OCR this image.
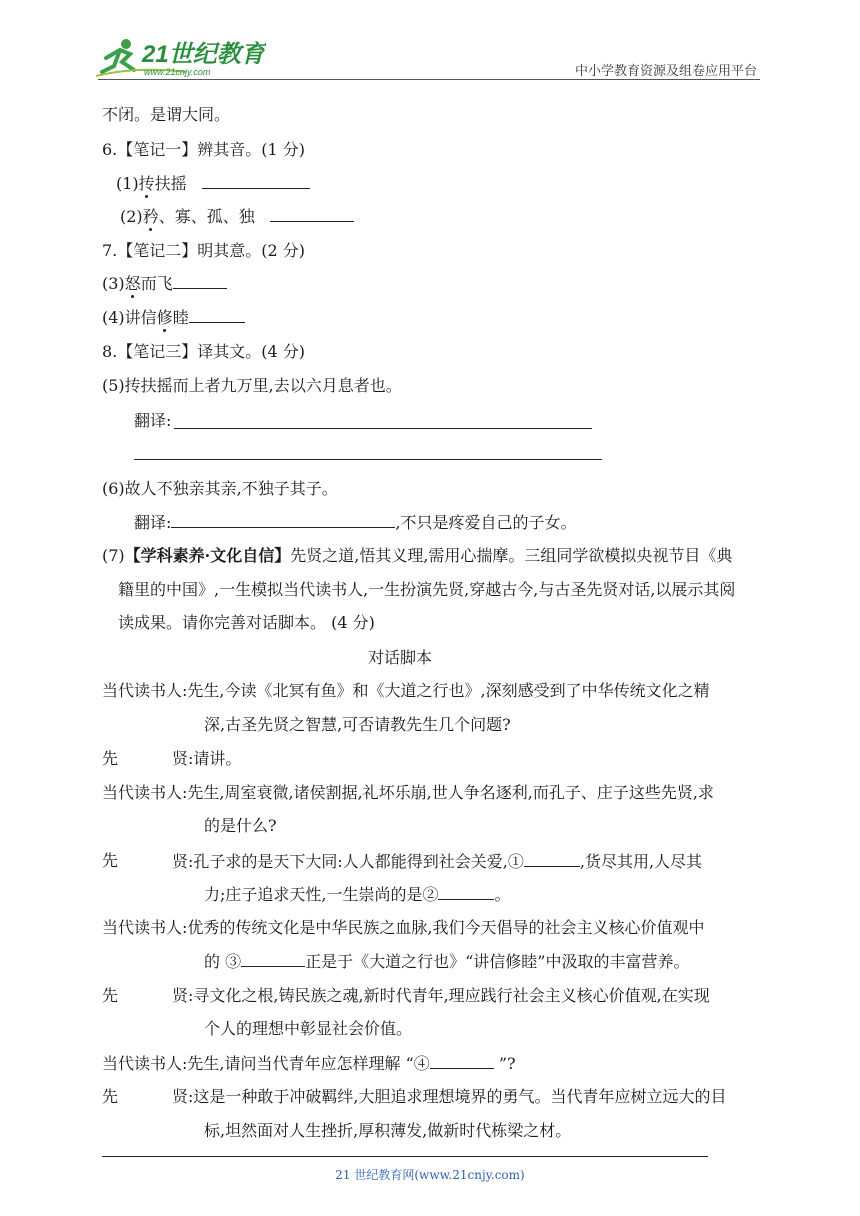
21世纪教育
www.21cnjy.com	中小学教育资源及组卷应用平台
不闭。是谓大同。
6.【笔记一】辨其音。(1 分)
(1)抟扶摇
(2)矜、寡、孤、独
7.【笔记二】明其意。(2 分)
(3)怒而飞
(4)讲信修睦
8.【笔记三】译其文。(4 分)
(5)抟扶摇而上者九万里,去以六月息者也。
翻译:
(6)故人不独亲其亲,不独子其子。
翻译:	,不只是疼爱自己的子女。
(7)【学科素养·文化自信】先贤之道,悟其义理,需用心揣摩。三组同学欲模拟央视节目《典
籍里的中国》,一生模拟当代读书人,一生扮演先贤,穿越古今,与古圣先贤对话,以展示其阅
读成果。请你完善对话脚本。 (4 分)
对话脚本
当代读书人:先生,今读《北冥有鱼》和《大道之行也》,深刻感受到了中华传统文化之精
深,古圣先贤之智慧,可否请教先生几个问题?
先	贤:请讲。
当代读书人:先生,周室衰微,诸侯割据,礼坏乐崩,世人争名逐利,而孔子、庄子这些先贤,求
的是什么?
先	贤:孔子求的是天下大同:人人都能得到社会关爱,①	,货尽其用,人尽其
力;庄子追求天性,一生崇尚的是②	。
当代读书人:优秀的传统文化是中华民族之血脉,我们今天倡导的社会主义核心价值观中
的 ③	正是于《大道之行也》“讲信修睦”中汲取的丰富营养。
先	贤:寻文化之根,铸民族之魂,新时代青年,理应践行社会主义核心价值观,在实现
个人的理想中彰显社会价值。
当代读书人:先生,请问当代青年应怎样理解 “④	”?
先	贤:这是一种敢于冲破羁绊,大胆追求理想境界的勇气。当代青年应树立远大的目
标,坦然面对人生挫折,厚积薄发,做新时代栋梁之材。
21 世纪教育网(www.21cnjy.com)
